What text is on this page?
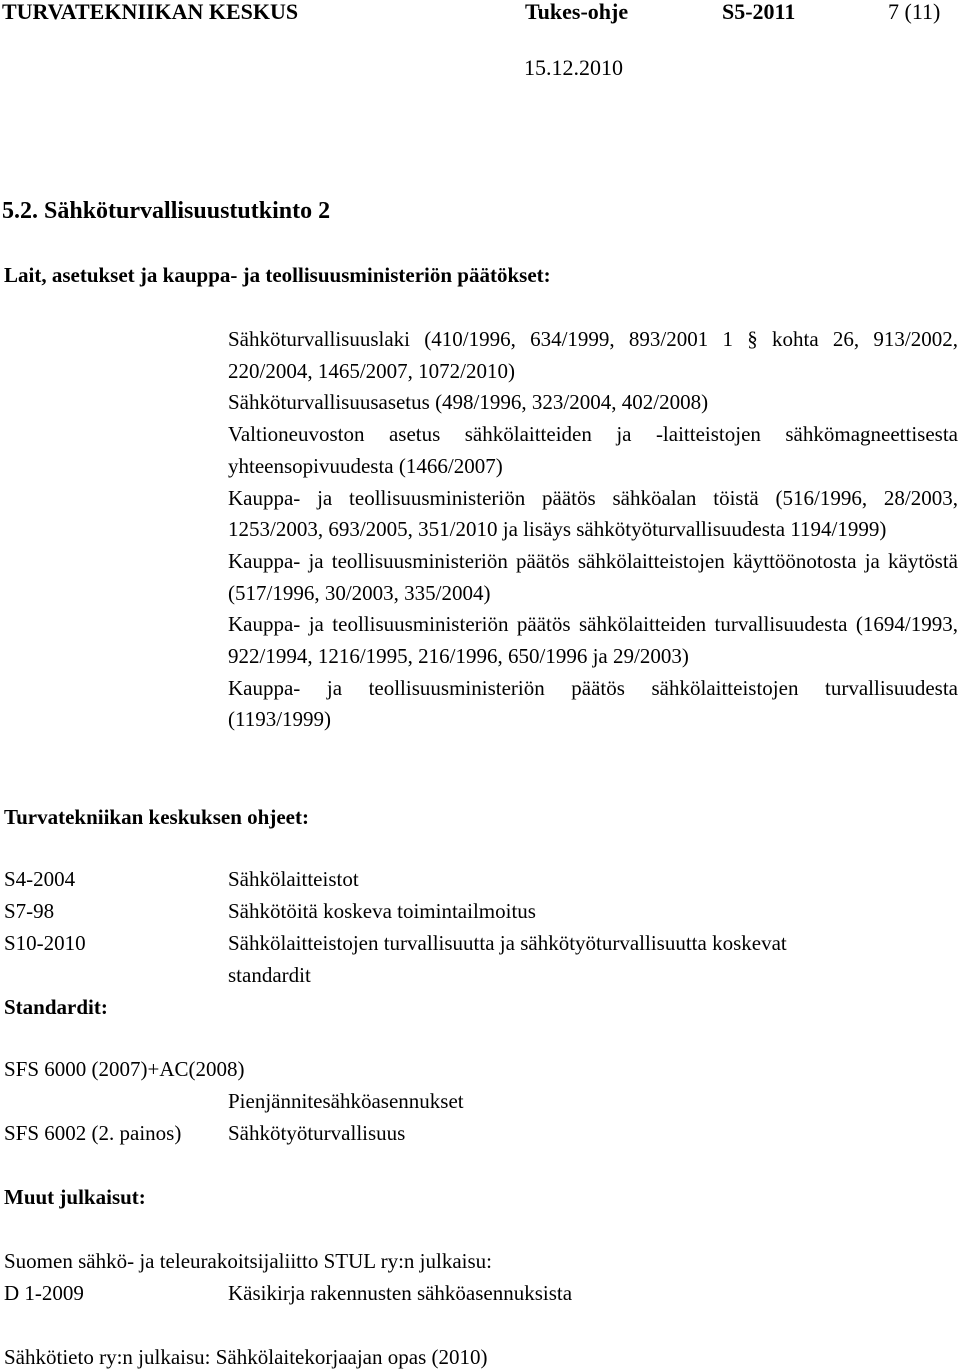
TURVATEKNIIKAN KESKUS	Tukes-ohje	S5-2011	7 (11)
15.12.2010
5.2. Sähköturvallisuustutkinto 2
Lait, asetukset ja kauppa- ja teollisuusministeriön päätökset:

Sähköturvallisuuslaki (410/1996, 634/1999, 893/2001 1 § kohta 26, 913/2002, 220/2004, 1465/2007, 1072/2010)

Sähköturvallisuusasetus (498/1996, 323/2004, 402/2008)

Valtioneuvoston asetus sähkölaitteiden ja -laitteistojen sähkömagneettisesta yhteensopivuudesta (1466/2007)

Kauppa- ja teollisuusministeriön päätös sähköalan töistä (516/1996, 28/2003, 1253/2003, 693/2005, 351/2010 ja lisäys sähkötyöturvallisuudesta 1194/1999)

Kauppa- ja teollisuusministeriön päätös sähkölaitteistojen käyttöönotosta ja käytöstä (517/1996, 30/2003, 335/2004)

Kauppa- ja teollisuusministeriön päätös sähkölaitteiden turvallisuudesta (1694/1993, 922/1994, 1216/1995, 216/1996, 650/1996 ja 29/2003)

Kauppa- ja teollisuusministeriön päätös sähkölaitteistojen turvallisuudesta (1193/1999)

Turvatekniikan keskuksen ohjeet:
S4-2004	Sähkölaitteistot
S7-98	Sähkötöitä koskeva toimintailmoitus
S10-2010	Sähkölaitteistojen turvallisuutta ja sähkötyöturvallisuutta koskevat
standardit
Standardit:
SFS 6000 (2007)+AC(2008)
Pienjännitesähköasennukset
SFS 6002 (2. painos) Sähkötyöturvallisuus
Muut julkaisut:
Suomen sähkö- ja teleurakoitsijaliitto STUL ry:n julkaisu:
D 1-2009	Käsikirja rakennusten sähköasennuksista
Sähkötieto ry:n julkaisu: Sähkölaitekorjaajan opas (2010)
